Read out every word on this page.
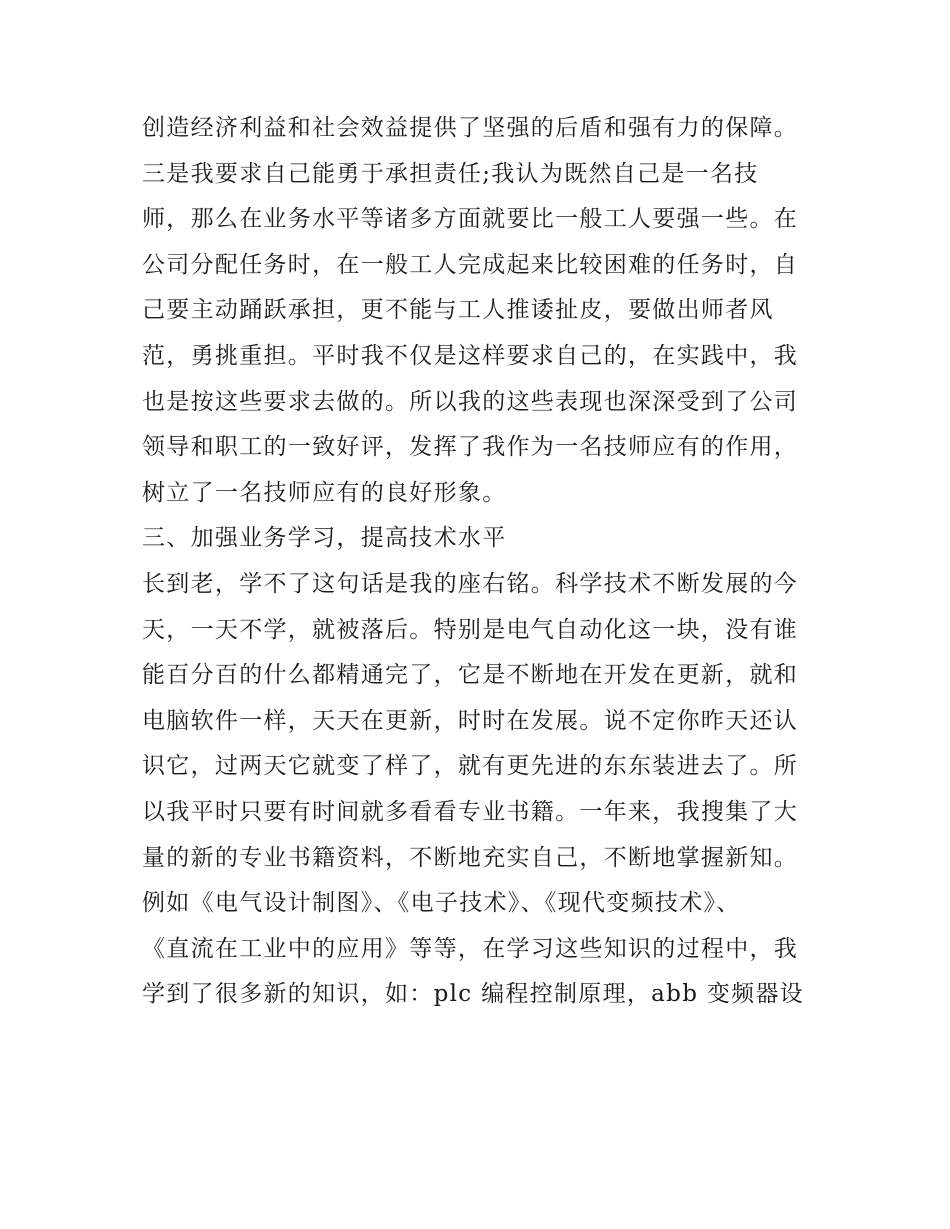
创造经济利益和社会效益提供了坚强的后盾和强有力的保障。
三是我要求自己能勇于承担责任;我认为既然自己是一名技
师，那么在业务水平等诸多方面就要比一般工人要强一些。在
公司分配任务时，在一般工人完成起来比较困难的任务时，自
己要主动踊跃承担，更不能与工人推诿扯皮，要做出师者风
范，勇挑重担。平时我不仅是这样要求自己的，在实践中，我
也是按这些要求去做的。所以我的这些表现也深深受到了公司
领导和职工的一致好评，发挥了我作为一名技师应有的作用，
树立了一名技师应有的良好形象。
三、加强业务学习，提高技术水平
长到老，学不了这句话是我的座右铭。科学技术不断发展的今
天，一天不学，就被落后。特别是电气自动化这一块，没有谁
能百分百的什么都精通完了，它是不断地在开发在更新，就和
电脑软件一样，天天在更新，时时在发展。说不定你昨天还认
识它，过两天它就变了样了，就有更先进的东东装进去了。所
以我平时只要有时间就多看看专业书籍。一年来，我搜集了大
量的新的专业书籍资料，不断地充实自己，不断地掌握新知。
例如《电气设计制图》、《电子技术》、《现代变频技术》、
《直流在工业中的应用》等等，在学习这些知识的过程中，我
学到了很多新的知识，如：plc 编程控制原理，abb 变频器设
